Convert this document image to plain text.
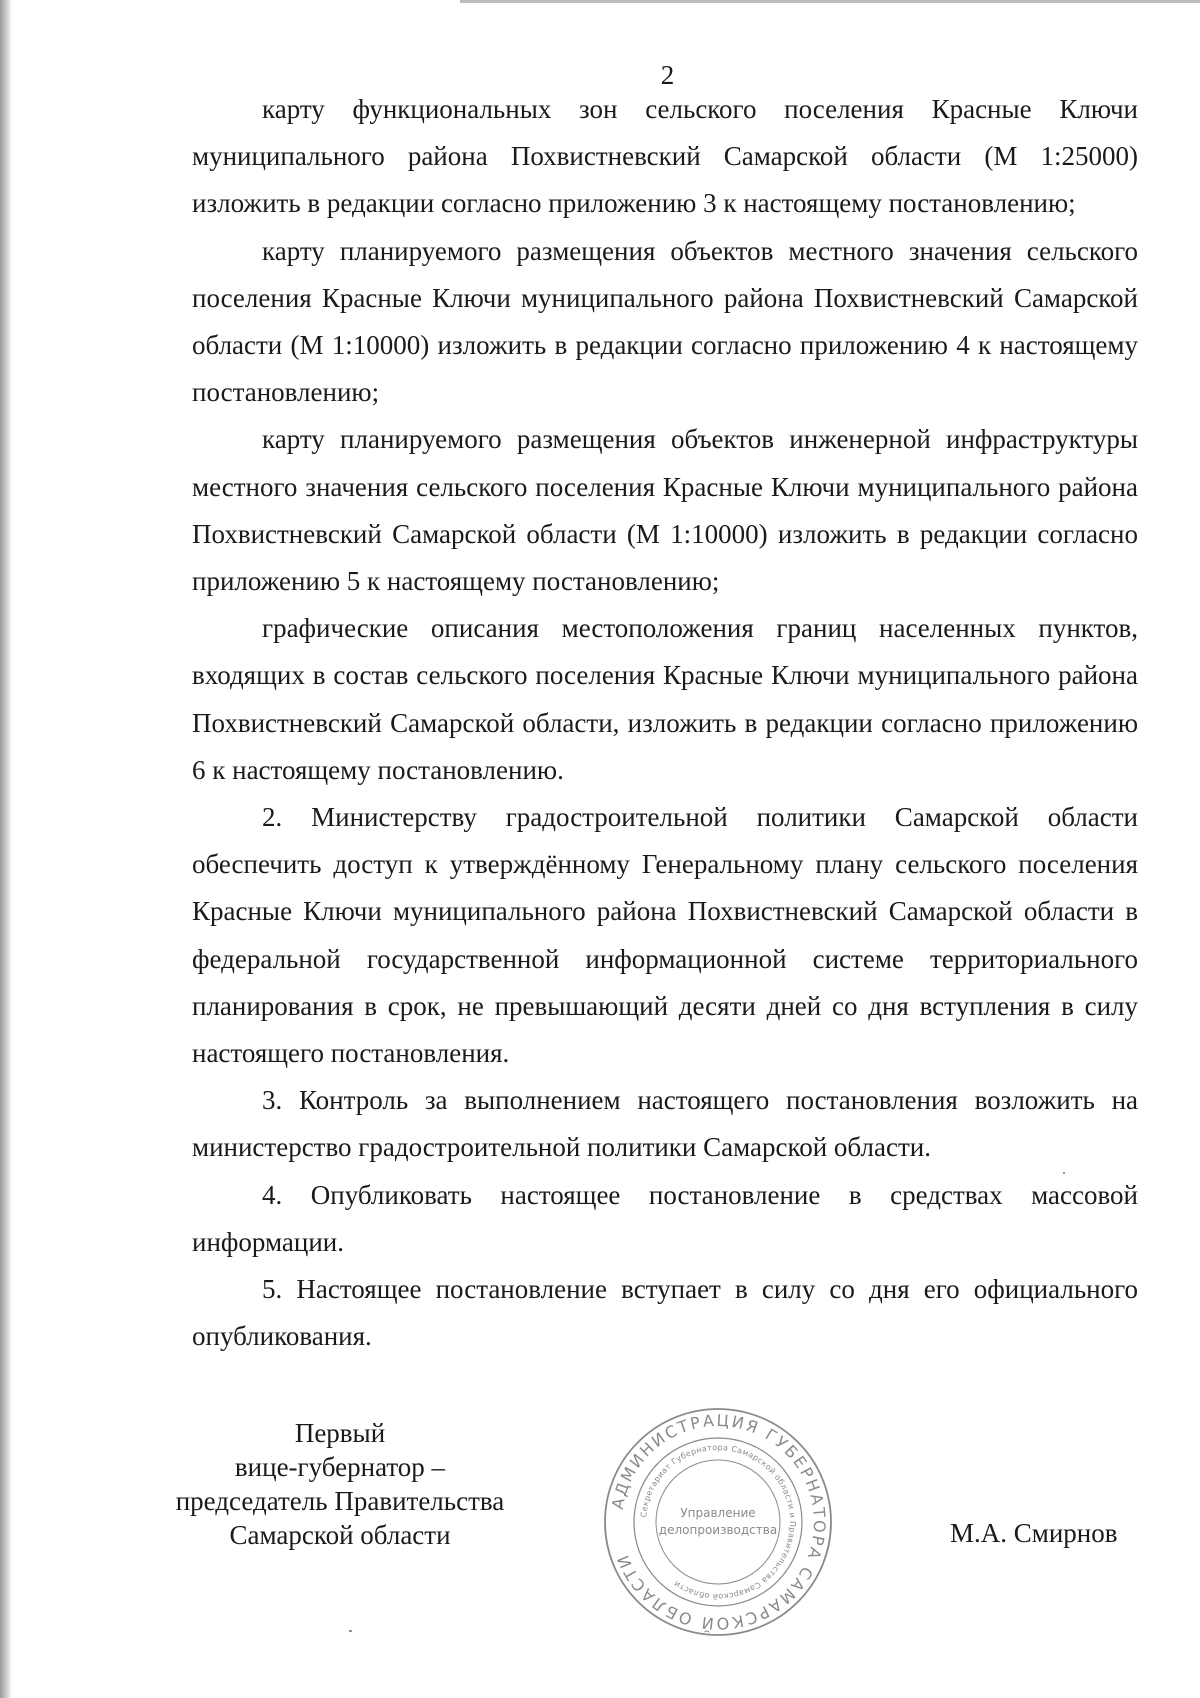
2

карту функциональных зон сельского поселения Красные Ключи муниципального района Похвистневский Самарской области (М 1:25000) изложить в редакции согласно приложению 3 к настоящему постановлению;

карту планируемого размещения объектов местного значения сельского поселения Красные Ключи муниципального района Похвистневский Самарской области (М 1:10000) изложить в редакции согласно приложению 4 к настоящему постановлению;

карту планируемого размещения объектов инженерной инфраструктуры местного значения сельского поселения Красные Ключи муниципального района Похвистневский Самарской области (М 1:10000) изложить в редакции согласно приложению 5 к настоящему постановлению;

графические описания местоположения границ населенных пунктов, входящих в состав сельского поселения Красные Ключи муниципального района Похвистневский Самарской области, изложить в редакции согласно приложению 6 к настоящему постановлению.

2. Министерству градостроительной политики Самарской области обеспечить доступ к утверждённому Генеральному плану сельского поселения Красные Ключи муниципального района Похвистневский Самарской области в федеральной государственной информационной системе территориального планирования в срок, не превышающий десяти дней со дня вступления в силу настоящего постановления.

3. Контроль за выполнением настоящего постановления возложить на министерство градостроительной политики Самарской области.

4. Опубликовать настоящее постановление в средствах массовой информации.

5. Настоящее постановление вступает в силу со дня его официального опубликования.

Первый
вице-губернатор –
председатель Правительства
Самарской области
АДМИНИСТРАЦИЯ ГУБЕРНАТОРА САМАРСКОЙ ОБЛАСТИ
Секретариат Губернатора Самарской области и Правительства Самарской области
Управление
делопроизводства	М.А. Смирнов
